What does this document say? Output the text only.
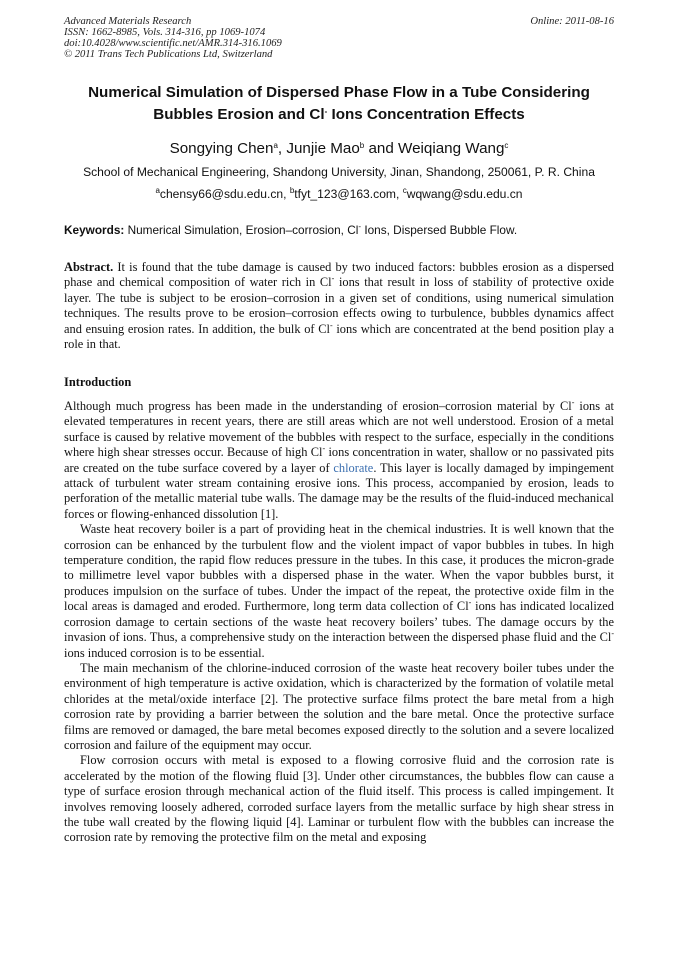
Advanced Materials Research
ISSN: 1662-8985, Vols. 314-316, pp 1069-1074
doi:10.4028/www.scientific.net/AMR.314-316.1069
© 2011 Trans Tech Publications Ltd, Switzerland
Online: 2011-08-16
Numerical Simulation of Dispersed Phase Flow in a Tube Considering
Bubbles Erosion and Cl- Ions Concentration Effects
Songying Chen$^a$, Junjie Mao$^b$ and Weiqiang Wang$^c$
School of Mechanical Engineering, Shandong University, Jinan, Shandong, 250061, P. R. China
$^a$chensy66@sdu.edu.cn, $^b$tfyt_123@163.com, $^c$wqwang@sdu.edu.cn
Keywords: Numerical Simulation, Erosion–corrosion, Cl- Ions, Dispersed Bubble Flow.

Abstract. It is found that the tube damage is caused by two induced factors: bubbles erosion as a dispersed phase and chemical composition of water rich in Cl- ions that result in loss of stability of protective oxide layer. The tube is subject to be erosion–corrosion in a given set of conditions, using numerical simulation techniques. The results prove to be erosion–corrosion effects owing to turbulence, bubbles dynamics affect and ensuing erosion rates. In addition, the bulk of Cl- ions which are concentrated at the bend position play a role in that.

Introduction

Although much progress has been made in the understanding of erosion–corrosion material by Cl- ions at elevated temperatures in recent years, there are still areas which are not well understood. Erosion of a metal surface is caused by relative movement of the bubbles with respect to the surface, especially in the conditions where high shear stresses occur. Because of high Cl- ions concentration in water, shallow or no passivated pits are created on the tube surface covered by a layer of chlorate. This layer is locally damaged by impingement attack of turbulent water stream containing erosive ions. This process, accompanied by erosion, leads to perforation of the metallic material tube walls. The damage may be the results of the fluid-induced mechanical forces or flowing-enhanced dissolution [1].

Waste heat recovery boiler is a part of providing heat in the chemical industries. It is well known that the corrosion can be enhanced by the turbulent flow and the violent impact of vapor bubbles in tubes. In high temperature condition, the rapid flow reduces pressure in the tubes. In this case, it produces the micron-grade to millimetre level vapor bubbles with a dispersed phase in the water. When the vapor bubbles burst, it produces impulsion on the surface of tubes. Under the impact of the repeat, the protective oxide film in the local areas is damaged and eroded. Furthermore, long term data collection of Cl- ions has indicated localized corrosion damage to certain sections of the waste heat recovery boilers’ tubes. The damage occurs by the invasion of ions. Thus, a comprehensive study on the interaction between the dispersed phase fluid and the Cl- ions induced corrosion is to be essential.

The main mechanism of the chlorine-induced corrosion of the waste heat recovery boiler tubes under the environment of high temperature is active oxidation, which is characterized by the formation of volatile metal chlorides at the metal/oxide interface [2]. The protective surface films protect the bare metal from a high corrosion rate by providing a barrier between the solution and the bare metal. Once the protective surface films are removed or damaged, the bare metal becomes exposed directly to the solution and a severe localized corrosion and failure of the equipment may occur.

Flow corrosion occurs with metal is exposed to a flowing corrosive fluid and the corrosion rate is accelerated by the motion of the flowing fluid [3]. Under other circumstances, the bubbles flow can cause a type of surface erosion through mechanical action of the fluid itself. This process is called impingement. It involves removing loosely adhered, corroded surface layers from the metallic surface by high shear stress in the tube wall created by the flowing liquid [4]. Laminar or turbulent flow with the bubbles can increase the corrosion rate by removing the protective film on the metal and exposing
